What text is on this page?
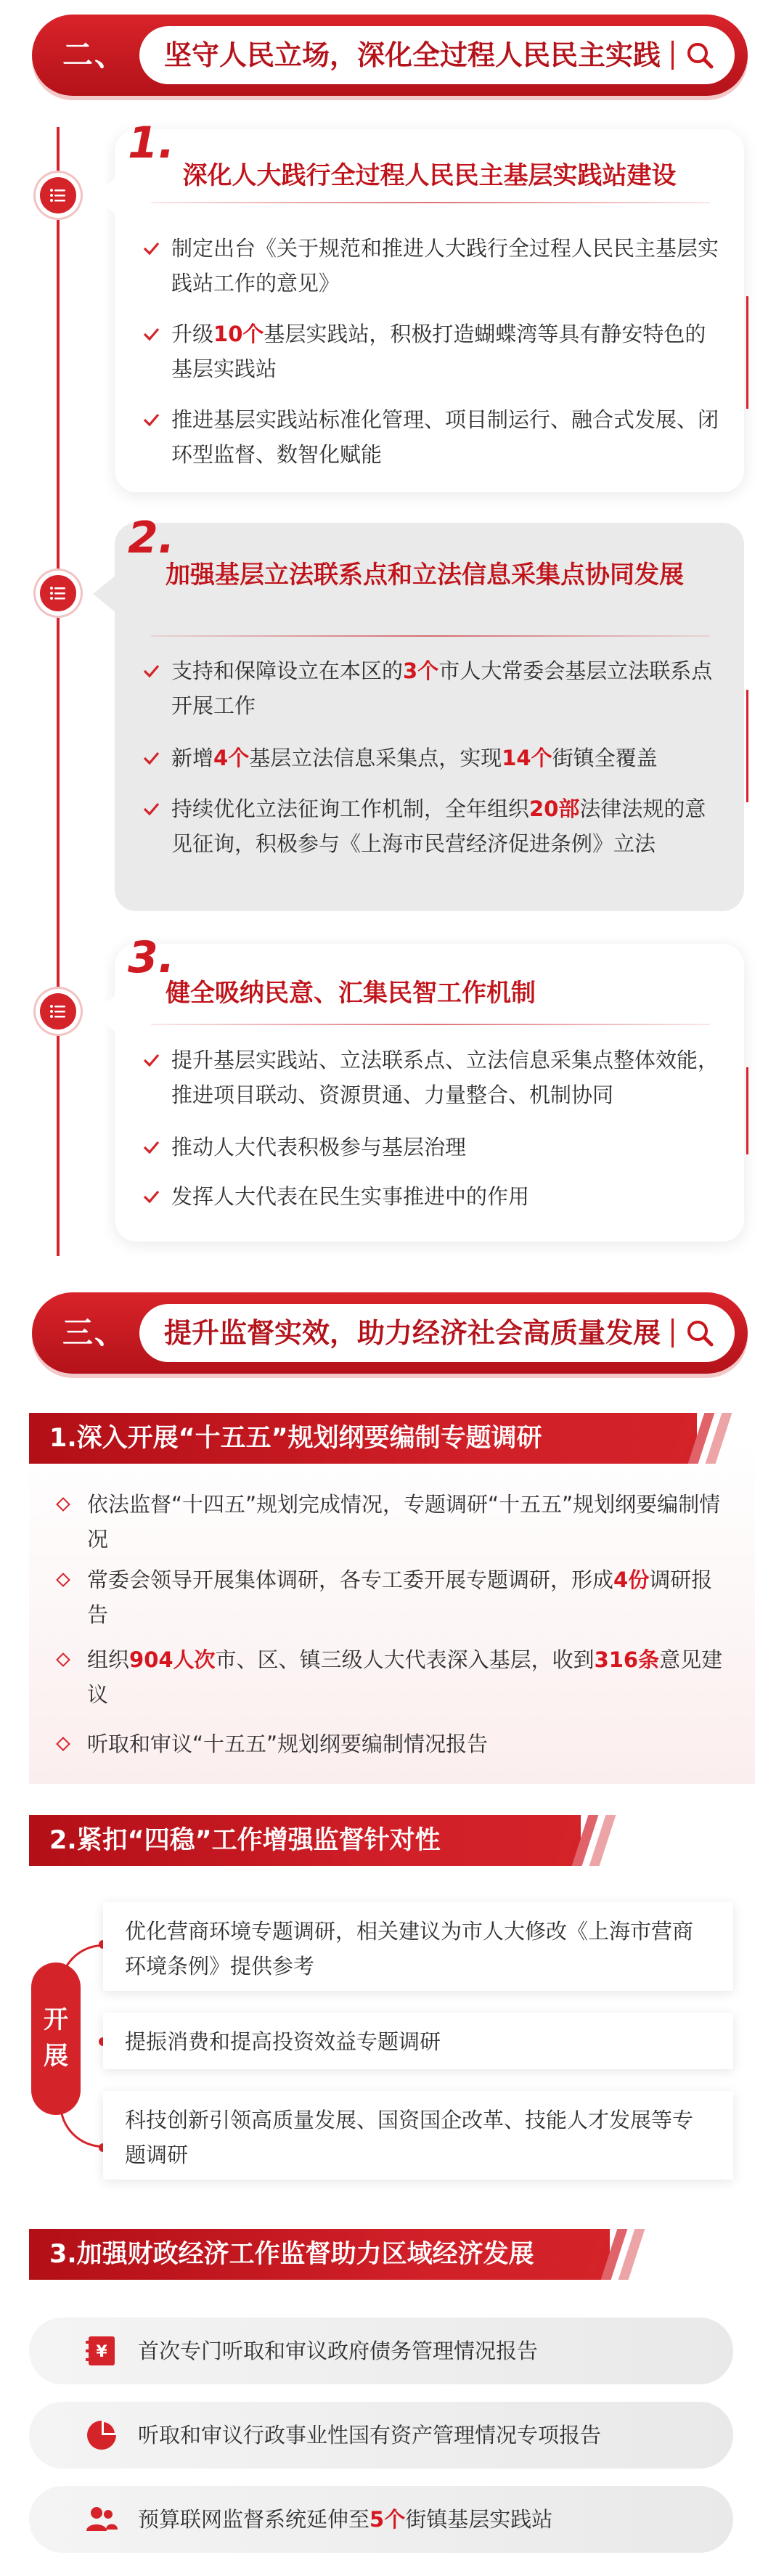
二、 坚守人民立场，深化全过程人民民主实践
1.
深化人大践行全过程人民民主基层实践站建设
制定出台《关于规范和推进人大践行全过程人民民主基层实践站工作的意见》
升级10个基层实践站，积极打造蝴蝶湾等具有静安特色的基层实践站
推进基层实践站标准化管理、项目制运行、融合式发展、闭环型监督、数智化赋能
2.
加强基层立法联系点和立法信息采集点协同发展
支持和保障设立在本区的3个市人大常委会基层立法联系点开展工作
新增4个基层立法信息采集点，实现14个街镇全覆盖
持续优化立法征询工作机制，全年组织20部法律法规的意见征询，积极参与《上海市民营经济促进条例》立法
3.
健全吸纳民意、汇集民智工作机制
提升基层实践站、立法联系点、立法信息采集点整体效能，推进项目联动、资源贯通、力量整合、机制协同
推动人大代表积极参与基层治理
发挥人大代表在民生实事推进中的作用
三、 提升监督实效，助力经济社会高质量发展
1.深入开展“十五五”规划纲要编制专题调研
依法监督“十四五”规划完成情况，专题调研“十五五”规划纲要编制情况
常委会领导开展集体调研，各专工委开展专题调研，形成4份调研报告
组织904人次市、区、镇三级人大代表深入基层，收到316条意见建议
听取和审议“十五五”规划纲要编制情况报告
2.紧扣“四稳”工作增强监督针对性
开
展
优化营商环境专题调研，相关建议为市人大修改《上海市营商环境条例》提供参考
提振消费和提高投资效益专题调研
科技创新引领高质量发展、国资国企改革、技能人才发展等专题调研
3.加强财政经济工作监督助力区域经济发展
¥ 首次专门听取和审议政府债务管理情况报告
听取和审议行政事业性国有资产管理情况专项报告
预算联网监督系统延伸至5个街镇基层实践站
